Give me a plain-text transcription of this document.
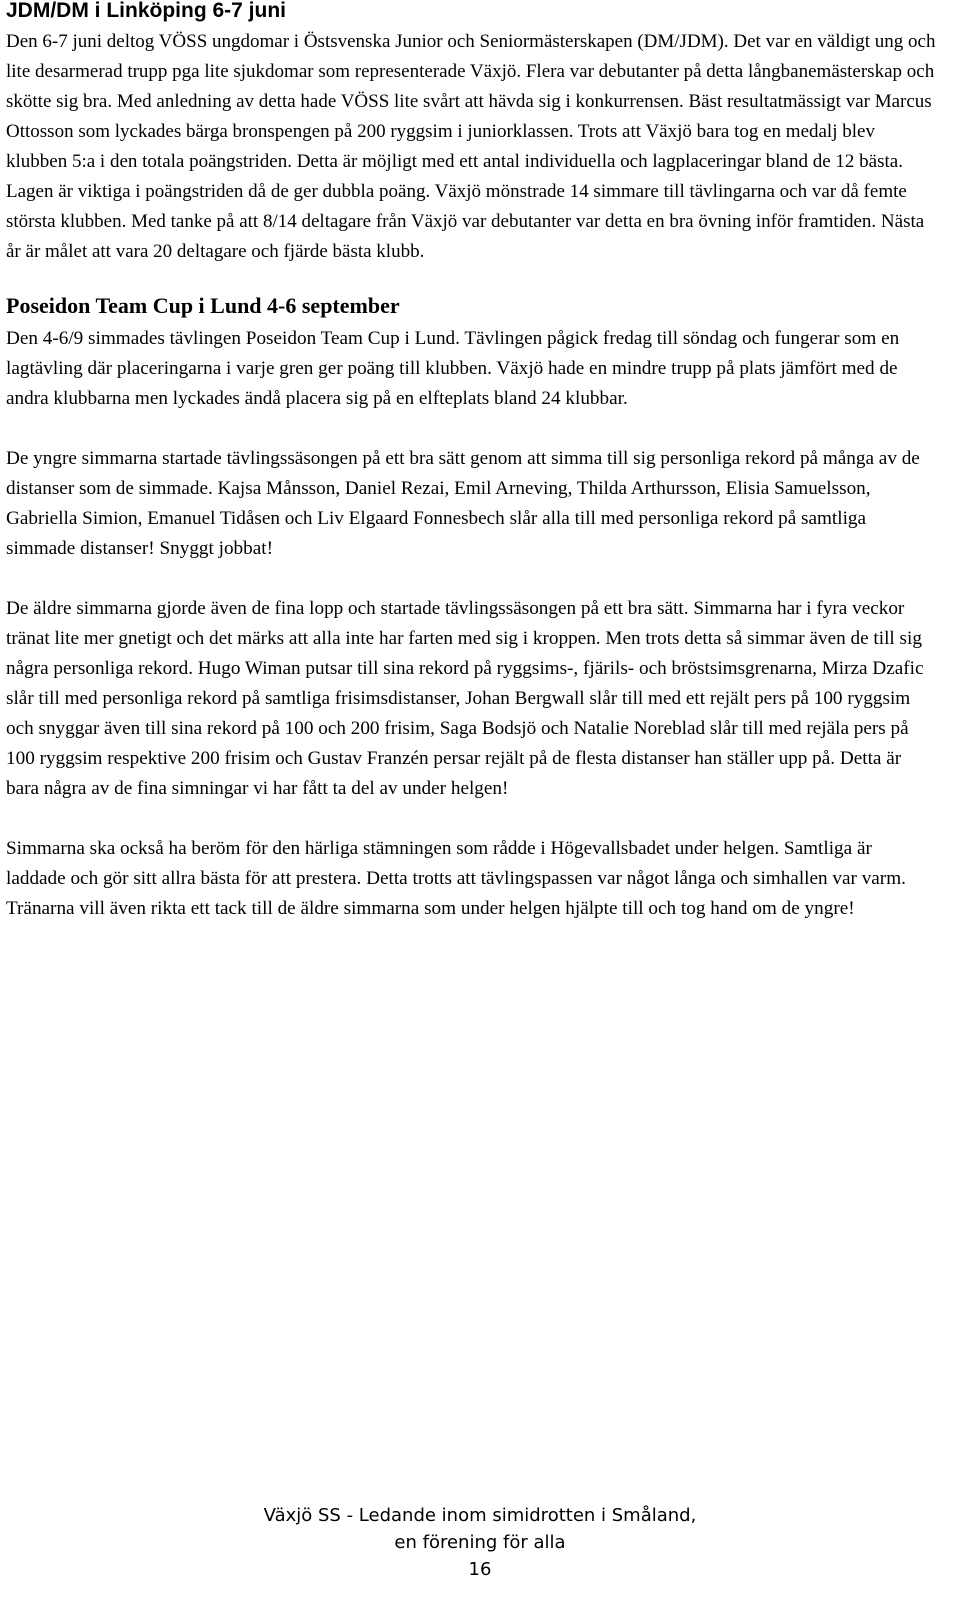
JDM/DM i Linköping 6-7 juni

Den 6-7 juni deltog VÖSS ungdomar i Östsvenska Junior och Seniormästerskapen (DM/JDM). Det var en väldigt ung och lite desarmerad trupp pga lite sjukdomar som representerade Växjö. Flera var debutanter på detta långbanemästerskap och skötte sig bra. Med anledning av detta hade VÖSS lite svårt att hävda sig i konkurrensen. Bäst resultatmässigt var Marcus Ottosson som lyckades bärga bronspengen på 200 ryggsim i juniorklassen. Trots att Växjö bara tog en medalj blev klubben 5:a i den totala poängstriden. Detta är möjligt med ett antal individuella och lagplaceringar bland de 12 bästa. Lagen är viktiga i poängstriden då de ger dubbla poäng. Växjö mönstrade 14 simmare till tävlingarna och var då femte största klubben. Med tanke på att 8/14 deltagare från Växjö var debutanter var detta en bra övning inför framtiden. Nästa år är målet att vara 20 deltagare och fjärde bästa klubb.

Poseidon Team Cup i Lund 4-6 september

Den 4-6/9 simmades tävlingen Poseidon Team Cup i Lund. Tävlingen pågick fredag till söndag och fungerar som en lagtävling där placeringarna i varje gren ger poäng till klubben. Växjö hade en mindre trupp på plats jämfört med de andra klubbarna men lyckades ändå placera sig på en elfteplats bland 24 klubbar.

De yngre simmarna startade tävlingssäsongen på ett bra sätt genom att simma till sig personliga rekord på många av de distanser som de simmade. Kajsa Månsson, Daniel Rezai, Emil Arneving, Thilda Arthursson, Elisia Samuelsson, Gabriella Simion, Emanuel Tidåsen och Liv Elgaard Fonnesbech slår alla till med personliga rekord på samtliga simmade distanser! Snyggt jobbat!

De äldre simmarna gjorde även de fina lopp och startade tävlingssäsongen på ett bra sätt. Simmarna har i fyra veckor tränat lite mer gnetigt och det märks att alla inte har farten med sig i kroppen. Men trots detta så simmar även de till sig några personliga rekord. Hugo Wiman putsar till sina rekord på ryggsims-, fjärils- och bröstsimsgrenarna, Mirza Dzafic slår till med personliga rekord på samtliga frisimsdistanser, Johan Bergwall slår till med ett rejält pers på 100 ryggsim och snyggar även till sina rekord på 100 och 200 frisim, Saga Bodsjö och Natalie Noreblad slår till med rejäla pers på 100 ryggsim respektive 200 frisim och Gustav Franzén persar rejält på de flesta distanser han ställer upp på. Detta är bara några av de fina simningar vi har fått ta del av under helgen!

Simmarna ska också ha beröm för den härliga stämningen som rådde i Högevallsbadet under helgen. Samtliga är laddade och gör sitt allra bästa för att prestera. Detta trotts att tävlingspassen var något långa och simhallen var varm. Tränarna vill även rikta ett tack till de äldre simmarna som under helgen hjälpte till och tog hand om de yngre!

Växjö SS - Ledande inom simidrotten i Småland,
en förening för alla
16
